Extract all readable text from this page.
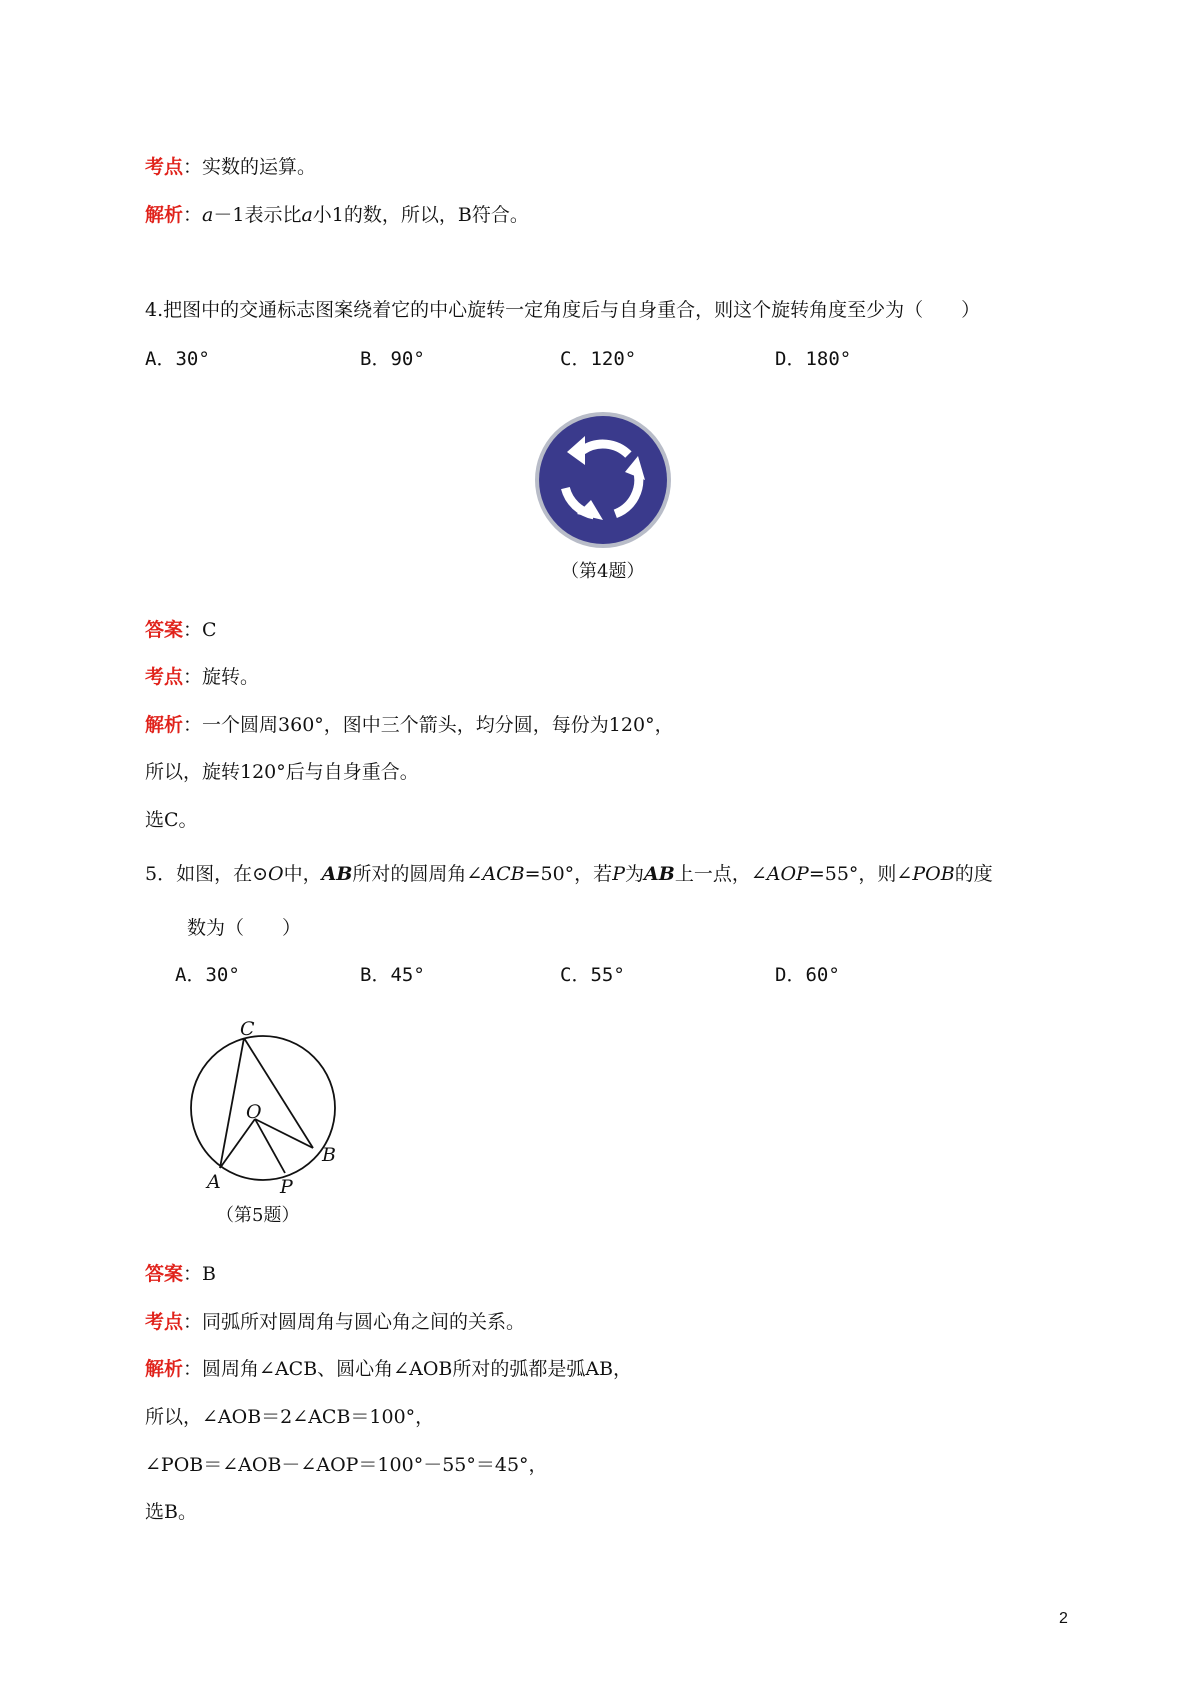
考点：实数的运算。
解析：a－1表示比a小1的数，所以，B符合。
4.把图中的交通标志图案绕着它的中心旋转一定角度后与自身重合，则这个旋转角度至少为（　　）
A．30°	B．90°	C．120°	D．180°
（第4题）
答案：C
考点：旋转。
解析：一个圆周360°，图中三个箭头，均分圆，每份为120°，
所以，旋转120°后与自身重合。
选C。
5．如图，在⊙O中，AB所对的圆周角∠ACB=50°，若P为AB上一点，∠AOP=55°，则∠POB的度
数为（　　）
A．30°	B．45°	C．55°	D．60°
C
O
B
A	P
（第5题）
答案：B
考点：同弧所对圆周角与圆心角之间的关系。
解析：圆周角∠ACB、圆心角∠AOB所对的弧都是弧AB，
所以，∠AOB＝2∠ACB＝100°，
∠POB＝∠AOB－∠AOP＝100°－55°＝45°，
选B。
2
